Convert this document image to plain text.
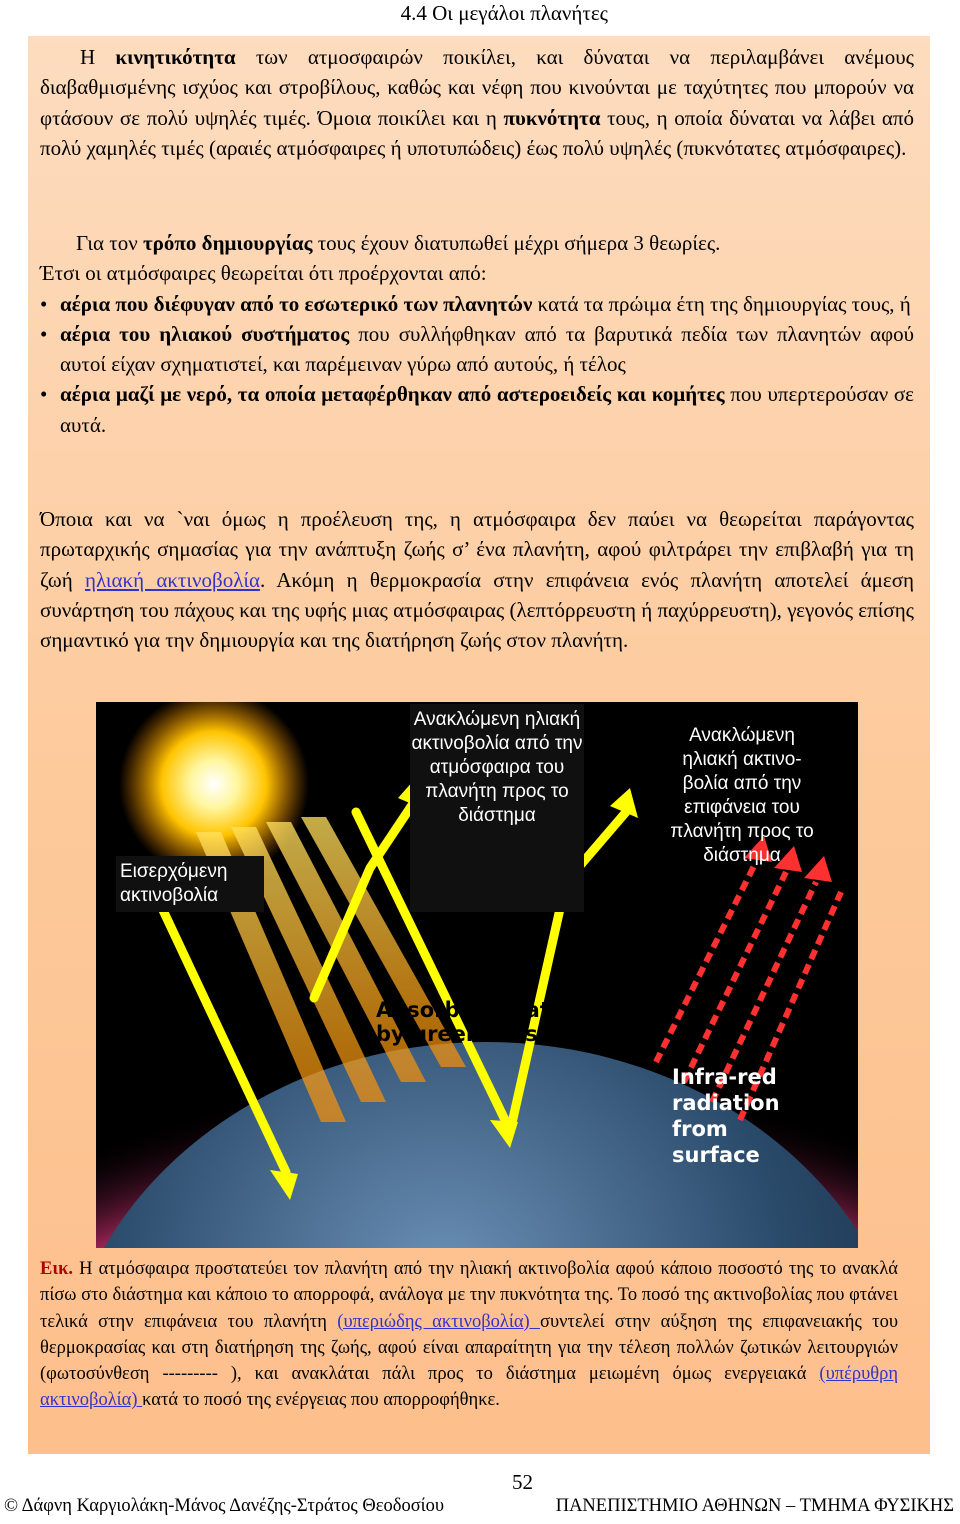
4.4 Οι μεγάλοι πλανήτες
Η κινητικότητα των ατμοσφαιρών ποικίλει, και δύναται να περιλαμβάνει ανέμους διαβαθμισμένης ισχύος και στροβίλους, καθώς και νέφη που κινούνται με ταχύτητες που μπορούν να φτάσουν σε πολύ υψηλές τιμές. Όμοια ποικίλει και η πυκνότητα τους, η οποία δύναται να λάβει από πολύ χαμηλές τιμές (αραιές ατμόσφαιρες ή υποτυπώδεις) έως πολύ υψηλές (πυκνότατες ατμόσφαιρες).
Για τον τρόπο δημιουργίας τους έχουν διατυπωθεί μέχρι σήμερα 3 θεωρίες.
Έτσι οι ατμόσφαιρες θεωρείται ότι προέρχονται από:
• αέρια που διέφυγαν από το εσωτερικό των πλανητών κατά τα πρώιμα έτη της δημιουργίας τους, ή
• αέρια του ηλιακού συστήματος που συλλήφθηκαν από τα βαρυτικά πεδία των πλανητών αφού αυτοί είχαν σχηματιστεί, και παρέμειναν γύρω από αυτούς, ή τέλος
• αέρια μαζί με νερό, τα οποία μεταφέρθηκαν από αστεροειδείς και κομήτες που υπερτερούσαν σε αυτά.
Όποια και να `ναι όμως η προέλευση της, η ατμόσφαιρα δεν παύει να θεωρείται παράγοντας πρωταρχικής σημασίας για την ανάπτυξη ζωής σ’ ένα πλανήτη, αφού φιλτράρει την επιβλαβή για τη ζωή ηλιακή ακτινοβολία. Ακόμη η θερμοκρασία στην επιφάνεια ενός πλανήτη αποτελεί άμεση συνάρτηση του πάχους και της υφής μιας ατμόσφαιρας (λεπτόρρευστη ή παχύρρευστη), γεγονός επίσης σημαντικό για την δημιουργία και της διατήρηση ζωής στον πλανήτη.
Εισερχόμενη ακτινοβολία
Ανακλώμενη ηλιακή ακτινοβολία από την ατμόσφαιρα του πλανήτη προς το διάστημα
Ανακλώμενη ηλιακή ακτινο-βολία από την επιφάνεια του πλανήτη προς το διάστημα
Absorbed in atmosphere
by greenhouse gases
Infra-red
radiation
from surface
Εικ. Η ατμόσφαιρα προστατεύει τον πλανήτη από την ηλιακή ακτινοβολία αφού κάποιο ποσοστό της το ανακλά πίσω στο διάστημα και κάποιο το απορροφά, ανάλογα με την πυκνότητα της. Το ποσό της ακτινοβολίας που φτάνει τελικά στην επιφάνεια του πλανήτη (υπεριώδης ακτινοβολία) συντελεί στην αύξηση της επιφανειακής του θερμοκρασίας και στη διατήρηση της ζωής, αφού είναι απαραίτητη για την τέλεση πολλών ζωτικών λειτουργιών (φωτοσύνθεση --------- ), και ανακλάται πάλι προς το διάστημα μειωμένη όμως ενεργειακά (υπέρυθρη ακτινοβολία) κατά το ποσό της ενέργειας που απορροφήθηκε.
52
© Δάφνη Καργιολάκη-Μάνος Δανέζης-Στράτος Θεοδοσίου	ΠΑΝΕΠΙΣΤΗΜΙΟ ΑΘΗΝΩΝ – ΤΜΗΜΑ ΦΥΣΙΚΗΣ
